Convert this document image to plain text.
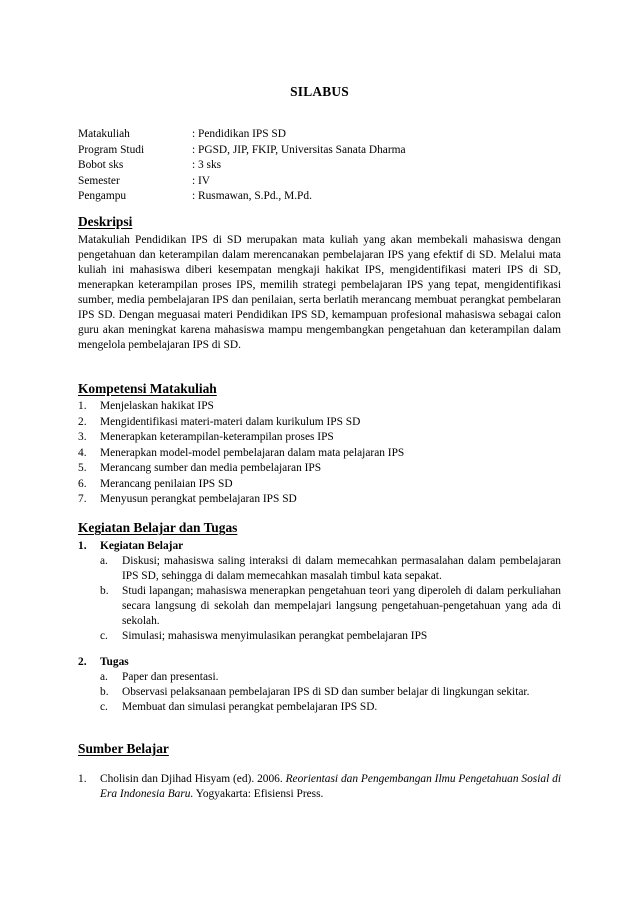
SILABUS
Matakuliah	: Pendidikan IPS SD
Program Studi	: PGSD, JIP, FKIP, Universitas Sanata Dharma
Bobot sks	: 3 sks
Semester	: IV
Pengampu	: Rusmawan, S.Pd., M.Pd.
Deskripsi
Matakuliah Pendidikan IPS di SD merupakan mata kuliah yang akan membekali mahasiswa dengan pengetahuan dan keterampilan dalam merencanakan pembelajaran IPS yang efektif di SD. Melalui mata kuliah ini mahasiswa diberi kesempatan mengkaji hakikat IPS, mengidentifikasi materi IPS di SD, menerapkan keterampilan proses IPS, memilih strategi pembelajaran IPS yang tepat, mengidentifikasi sumber, media pembelajaran IPS dan penilaian, serta berlatih merancang membuat perangkat pembelaran IPS SD. Dengan meguasai materi Pendidikan IPS SD, kemampuan profesional mahasiswa sebagai calon guru akan meningkat karena mahasiswa mampu mengembangkan pengetahuan dan keterampilan dalam mengelola pembelajaran IPS di SD.
Kompetensi Matakuliah
1.	Menjelaskan hakikat IPS
2.	Mengidentifikasi materi-materi dalam kurikulum IPS SD
3.	Menerapkan keterampilan-keterampilan proses IPS
4.	Menerapkan model-model pembelajaran dalam mata pelajaran IPS
5.	Merancang sumber dan media pembelajaran IPS
6.	Merancang penilaian IPS SD
7.	Menyusun perangkat pembelajaran IPS SD
Kegiatan Belajar dan Tugas
1.	Kegiatan Belajar
a.	Diskusi; mahasiswa saling interaksi di dalam memecahkan permasalahan dalam pembelajaran IPS SD, sehingga di dalam memecahkan masalah timbul kata sepakat.
b.	Studi lapangan; mahasiswa menerapkan pengetahuan teori yang diperoleh di dalam perkuliahan secara langsung di sekolah dan mempelajari langsung pengetahuan-pengetahuan yang ada di sekolah.
c.	Simulasi; mahasiswa menyimulasikan perangkat pembelajaran IPS
2.	Tugas
a.	Paper dan presentasi.
b.	Observasi pelaksanaan pembelajaran IPS di SD dan sumber belajar di lingkungan sekitar.
c.	Membuat dan simulasi perangkat pembelajaran IPS SD.
Sumber Belajar
1.	Cholisin dan Djihad Hisyam (ed). 2006. Reorientasi dan Pengembangan Ilmu Pengetahuan Sosial di Era Indonesia Baru. Yogyakarta: Efisiensi Press.
